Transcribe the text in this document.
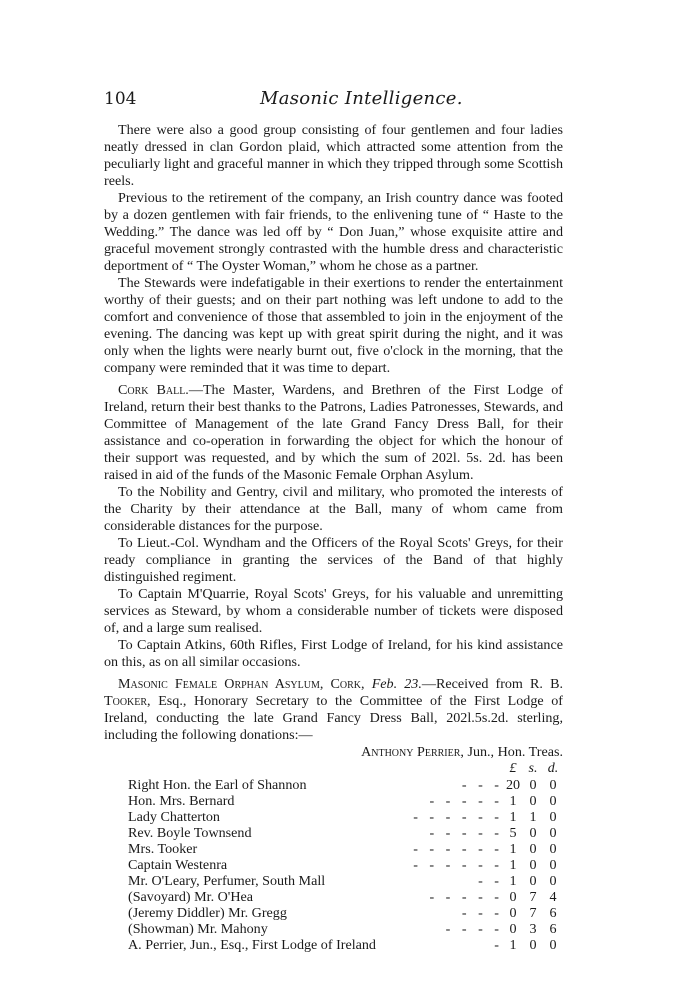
104	Masonic Intelligence.

There were also a good group consisting of four gentlemen and four ladies neatly dressed in clan Gordon plaid, which attracted some attention from the peculiarly light and graceful manner in which they tripped through some Scottish reels.

Previous to the retirement of the company, an Irish country dance was footed by a dozen gentlemen with fair friends, to the enlivening tune of “ Haste to the Wedding.” The dance was led off by “ Don Juan,” whose exquisite attire and graceful movement strongly contrasted with the humble dress and characteristic deportment of “ The Oyster Woman,” whom he chose as a partner.

The Stewards were indefatigable in their exertions to render the entertainment worthy of their guests; and on their part nothing was left undone to add to the comfort and convenience of those that assembled to join in the enjoyment of the evening. The dancing was kept up with great spirit during the night, and it was only when the lights were nearly burnt out, five o'clock in the morning, that the company were reminded that it was time to depart.

Cork Ball.—The Master, Wardens, and Brethren of the First Lodge of Ireland, return their best thanks to the Patrons, Ladies Patronesses, Stewards, and Committee of Management of the late Grand Fancy Dress Ball, for their assistance and co-operation in forwarding the object for which the honour of their support was requested, and by which the sum of 202l. 5s. 2d. has been raised in aid of the funds of the Masonic Female Orphan Asylum.

To the Nobility and Gentry, civil and military, who promoted the interests of the Charity by their attendance at the Ball, many of whom came from considerable distances for the purpose.

To Lieut.-Col. Wyndham and the Officers of the Royal Scots' Greys, for their ready compliance in granting the services of the Band of that highly distinguished regiment.

To Captain M'Quarrie, Royal Scots' Greys, for his valuable and unremitting services as Steward, by whom a considerable number of tickets were disposed of, and a large sum realised.

To Captain Atkins, 60th Rifles, First Lodge of Ireland, for his kind assistance on this, as on all similar occasions.

Masonic Female Orphan Asylum, Cork, Feb. 23.—Received from R. B. Tooker, Esq., Honorary Secretary to the Committee of the First Lodge of Ireland, conducting the late Grand Fancy Dress Ball, 202l.5s.2d. sterling, including the following donations:—

Anthony Perrier, Jun., Hon. Treas.
£ s. d.
Right Hon. the Earl of Shannon	- - -	20 0 0
Hon. Mrs. Bernard	- - - - -	1 0 0
Lady Chatterton	- - - - - -	1 1 0
Rev. Boyle Townsend	- - - - -	5 0 0
Mrs. Tooker	- - - - - -	1 0 0
Captain Westenra	- - - - - -	1 0 0
Mr. O'Leary, Perfumer, South Mall	- -	1 0 0
(Savoyard) Mr. O'Hea	- - - - -	0 7 4
(Jeremy Diddler) Mr. Gregg	- - -	0 7 6
(Showman) Mr. Mahony	- - - -	0 3 6
A. Perrier, Jun., Esq., First Lodge of Ireland	-	1 0 0
